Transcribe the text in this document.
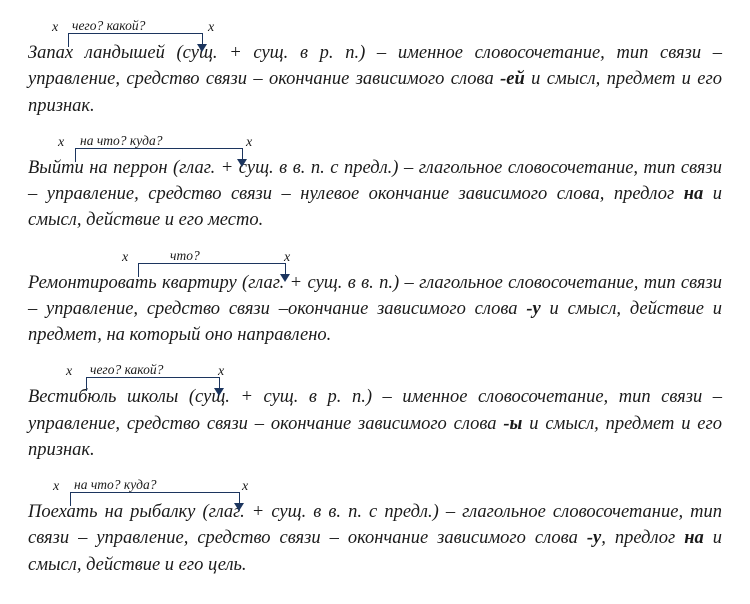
x чего? какой?	x
Запах ландышей (сущ. + сущ. в р. п.) – именное словосочетание, тип связи – управление, средство связи – окончание зависимого слова -ей и смысл, предмет и его признак.
x на что? куда?	x
Выйти на перрон (глаг. + сущ. в в. п. с предл.) – глагольное словосочетание, тип связи – управление, средство связи – нулевое окончание зависимого слова, предлог на и смысл, действие и его место.
x	что?	x
Ремонтировать квартиру (глаг. + сущ. в в. п.) – глагольное словосочетание, тип связи – управление, средство связи –окончание зависимого слова -у и смысл, действие и предмет, на который оно направлено.
x чего? какой?	x
Вестибюль школы (сущ. + сущ. в р. п.) – именное словосочетание, тип связи – управление, средство связи – окончание зависимого слова -ы и смысл, предмет и его признак.
x на что? куда?	x
Поехать на рыбалку (глаг. + сущ. в в. п. с предл.) – глагольное словосочетание, тип связи – управление, средство связи – окончание зависимого слова -у, предлог на и смысл, действие и его цель.
